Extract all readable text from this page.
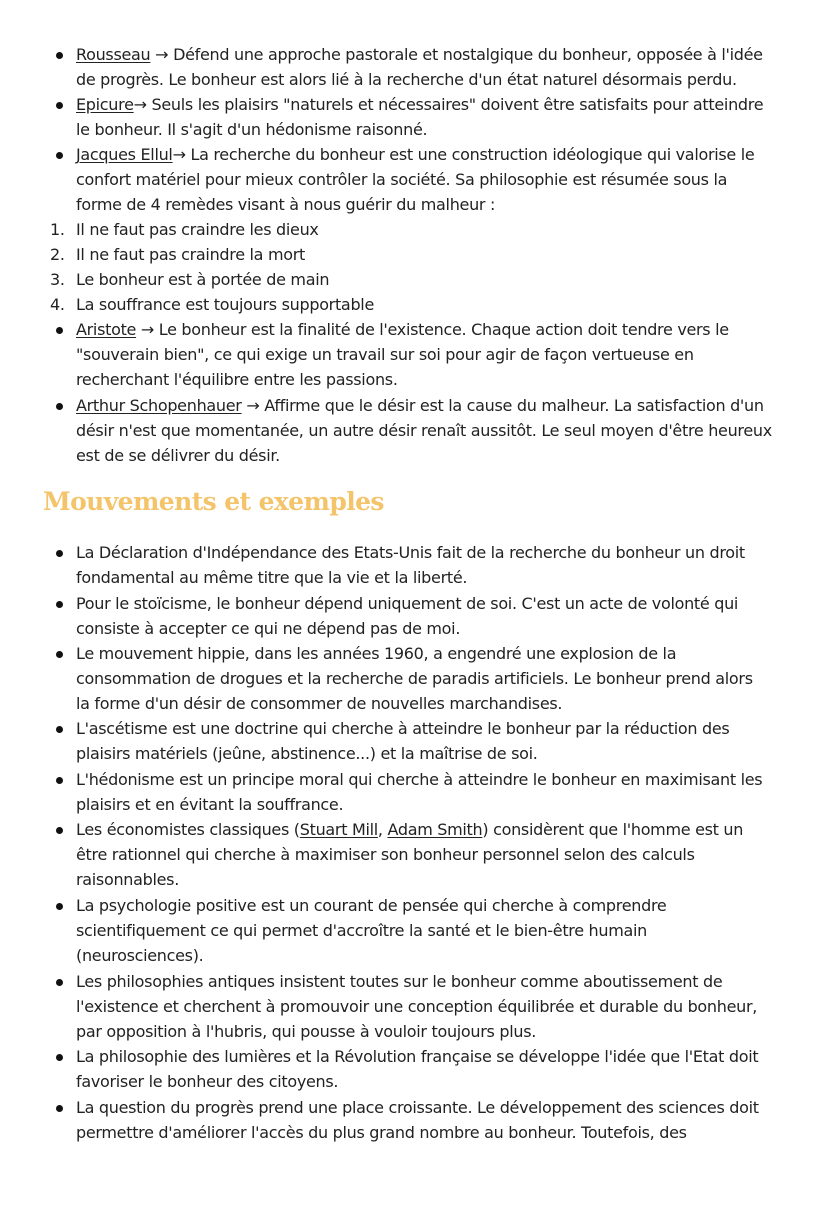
Rousseau → Défend une approche pastorale et nostalgique du bonheur, opposée à l'idée
de progrès. Le bonheur est alors lié à la recherche d'un état naturel désormais perdu.
Epicure→ Seuls les plaisirs "naturels et nécessaires" doivent être satisfaits pour atteindre
le bonheur. Il s'agit d'un hédonisme raisonné.
Jacques Ellul→ La recherche du bonheur est une construction idéologique qui valorise le
confort matériel pour mieux contrôler la société. Sa philosophie est résumée sous la
forme de 4 remèdes visant à nous guérir du malheur :
1. Il ne faut pas craindre les dieux
2. Il ne faut pas craindre la mort
3. Le bonheur est à portée de main
4. La souffrance est toujours supportable
Aristote → Le bonheur est la finalité de l'existence. Chaque action doit tendre vers le
"souverain bien", ce qui exige un travail sur soi pour agir de façon vertueuse en
recherchant l'équilibre entre les passions.
Arthur Schopenhauer → Affirme que le désir est la cause du malheur. La satisfaction d'un
désir n'est que momentanée, un autre désir renaît aussitôt. Le seul moyen d'être heureux
est de se délivrer du désir.
Mouvements et exemples
La Déclaration d'Indépendance des Etats-Unis fait de la recherche du bonheur un droit
fondamental au même titre que la vie et la liberté.
Pour le stoïcisme, le bonheur dépend uniquement de soi. C'est un acte de volonté qui
consiste à accepter ce qui ne dépend pas de moi.
Le mouvement hippie, dans les années 1960, a engendré une explosion de la
consommation de drogues et la recherche de paradis artificiels. Le bonheur prend alors
la forme d'un désir de consommer de nouvelles marchandises.
L'ascétisme est une doctrine qui cherche à atteindre le bonheur par la réduction des
plaisirs matériels (jeûne, abstinence...) et la maîtrise de soi.
L'hédonisme est un principe moral qui cherche à atteindre le bonheur en maximisant les
plaisirs et en évitant la souffrance.
Les économistes classiques (Stuart Mill, Adam Smith) considèrent que l'homme est un
être rationnel qui cherche à maximiser son bonheur personnel selon des calculs
raisonnables.
La psychologie positive est un courant de pensée qui cherche à comprendre
scientifiquement ce qui permet d'accroître la santé et le bien-être humain
(neurosciences).
Les philosophies antiques insistent toutes sur le bonheur comme aboutissement de
l'existence et cherchent à promouvoir une conception équilibrée et durable du bonheur,
par opposition à l'hubris, qui pousse à vouloir toujours plus.
La philosophie des lumières et la Révolution française se développe l'idée que l'Etat doit
favoriser le bonheur des citoyens.
La question du progrès prend une place croissante. Le développement des sciences doit
permettre d'améliorer l'accès du plus grand nombre au bonheur. Toutefois, des
